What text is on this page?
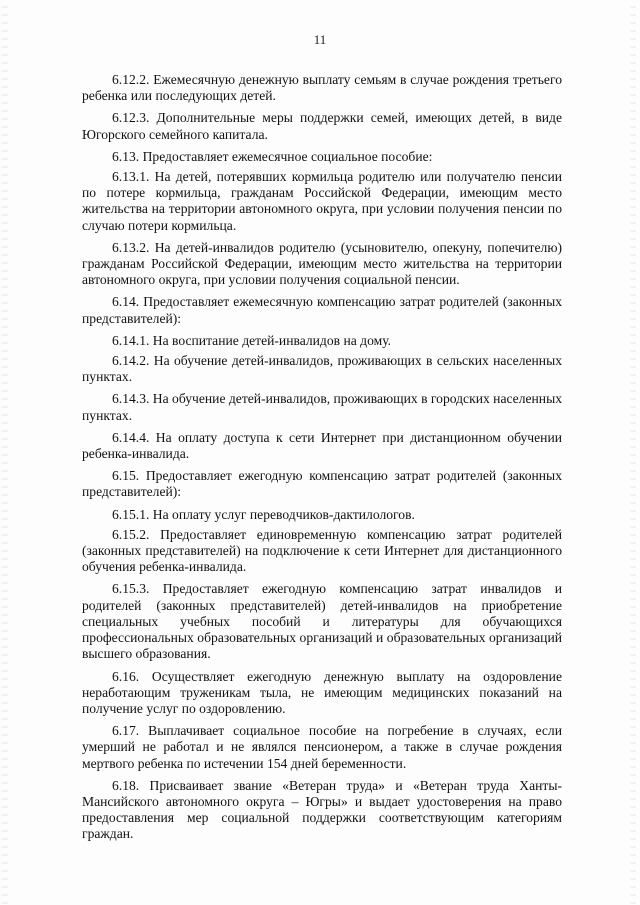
11

6.12.2. Ежемесячную денежную выплату семьям в случае рождения третьего ребенка или последующих детей.

6.12.3. Дополнительные меры поддержки семей, имеющих детей, в виде Югорского семейного капитала.

6.13. Предоставляет ежемесячное социальное пособие:

6.13.1. На детей, потерявших кормильца родителю или получателю пенсии по потере кормильца, гражданам Российской Федерации, имеющим место жительства на территории автономного округа, при условии получения пенсии по случаю потери кормильца.

6.13.2. На детей-инвалидов родителю (усыновителю, опекуну, попечителю) гражданам Российской Федерации, имеющим место жительства на территории автономного округа, при условии получения социальной пенсии.

6.14. Предоставляет ежемесячную компенсацию затрат родителей (законных представителей):

6.14.1. На воспитание детей-инвалидов на дому.

6.14.2. На обучение детей-инвалидов, проживающих в сельских населенных пунктах.

6.14.3. На обучение детей-инвалидов, проживающих в городских населенных пунктах.

6.14.4. На оплату доступа к сети Интернет при дистанционном обучении ребенка-инвалида.

6.15. Предоставляет ежегодную компенсацию затрат родителей (законных представителей):

6.15.1. На оплату услуг переводчиков-дактилологов.

6.15.2. Предоставляет единовременную компенсацию затрат родителей (законных представителей) на подключение к сети Интернет для дистанционного обучения ребенка-инвалида.

6.15.3. Предоставляет ежегодную компенсацию затрат инвалидов и родителей (законных представителей) детей-инвалидов на приобретение специальных учебных пособий и литературы для обучающихся профессиональных образовательных организаций и образовательных организаций высшего образования.

6.16. Осуществляет ежегодную денежную выплату на оздоровление неработающим труженикам тыла, не имеющим медицинских показаний на получение услуг по оздоровлению.

6.17. Выплачивает социальное пособие на погребение в случаях, если умерший не работал и не являлся пенсионером, а также в случае рождения мертвого ребенка по истечении 154 дней беременности.

6.18. Присваивает звание «Ветеран труда» и «Ветеран труда Ханты-Мансийского автономного округа – Югры» и выдает удостоверения на право предоставления мер социальной поддержки соответствующим категориям граждан.
